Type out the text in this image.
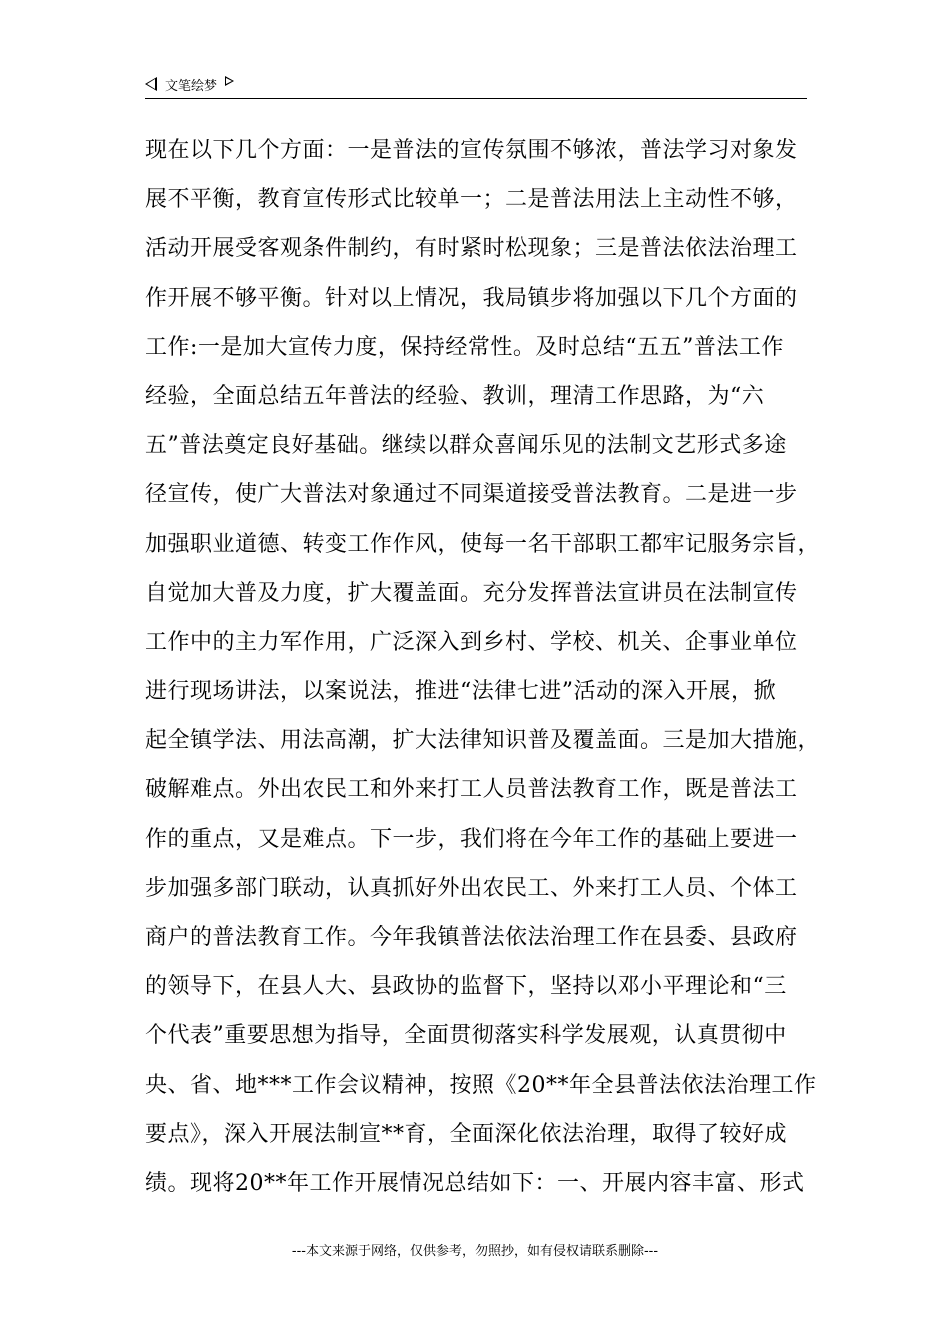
文笔绘梦
现在以下几个方面：一是普法的宣传氛围不够浓，普法学习对象发
展不平衡，教育宣传形式比较单一；二是普法用法上主动性不够，
活动开展受客观条件制约，有时紧时松现象；三是普法依法治理工
作开展不够平衡。针对以上情况，我局镇步将加强以下几个方面的
工作:一是加大宣传力度，保持经常性。及时总结“五五”普法工作
经验，全面总结五年普法的经验、教训，理清工作思路，为“六
五”普法奠定良好基础。继续以群众喜闻乐见的法制文艺形式多途
径宣传，使广大普法对象通过不同渠道接受普法教育。二是进一步
加强职业道德、转变工作作风，使每一名干部职工都牢记服务宗旨，
自觉加大普及力度，扩大覆盖面。充分发挥普法宣讲员在法制宣传
工作中的主力军作用，广泛深入到乡村、学校、机关、企事业单位
进行现场讲法，以案说法，推进“法律七进”活动的深入开展，掀
起全镇学法、用法高潮，扩大法律知识普及覆盖面。三是加大措施，
破解难点。外出农民工和外来打工人员普法教育工作，既是普法工
作的重点，又是难点。下一步，我们将在今年工作的基础上要进一
步加强多部门联动，认真抓好外出农民工、外来打工人员、个体工
商户的普法教育工作。今年我镇普法依法治理工作在县委、县政府
的领导下，在县人大、县政协的监督下，坚持以邓小平理论和“三
个代表”重要思想为指导，全面贯彻落实科学发展观，认真贯彻中
央、省、地***工作会议精神，按照《20**年全县普法依法治理工作
要点》，深入开展法制宣**育，全面深化依法治理，取得了较好成
绩。现将20**年工作开展情况总结如下：一、开展内容丰富、形式
---本文来源于网络，仅供参考，勿照抄，如有侵权请联系删除---
